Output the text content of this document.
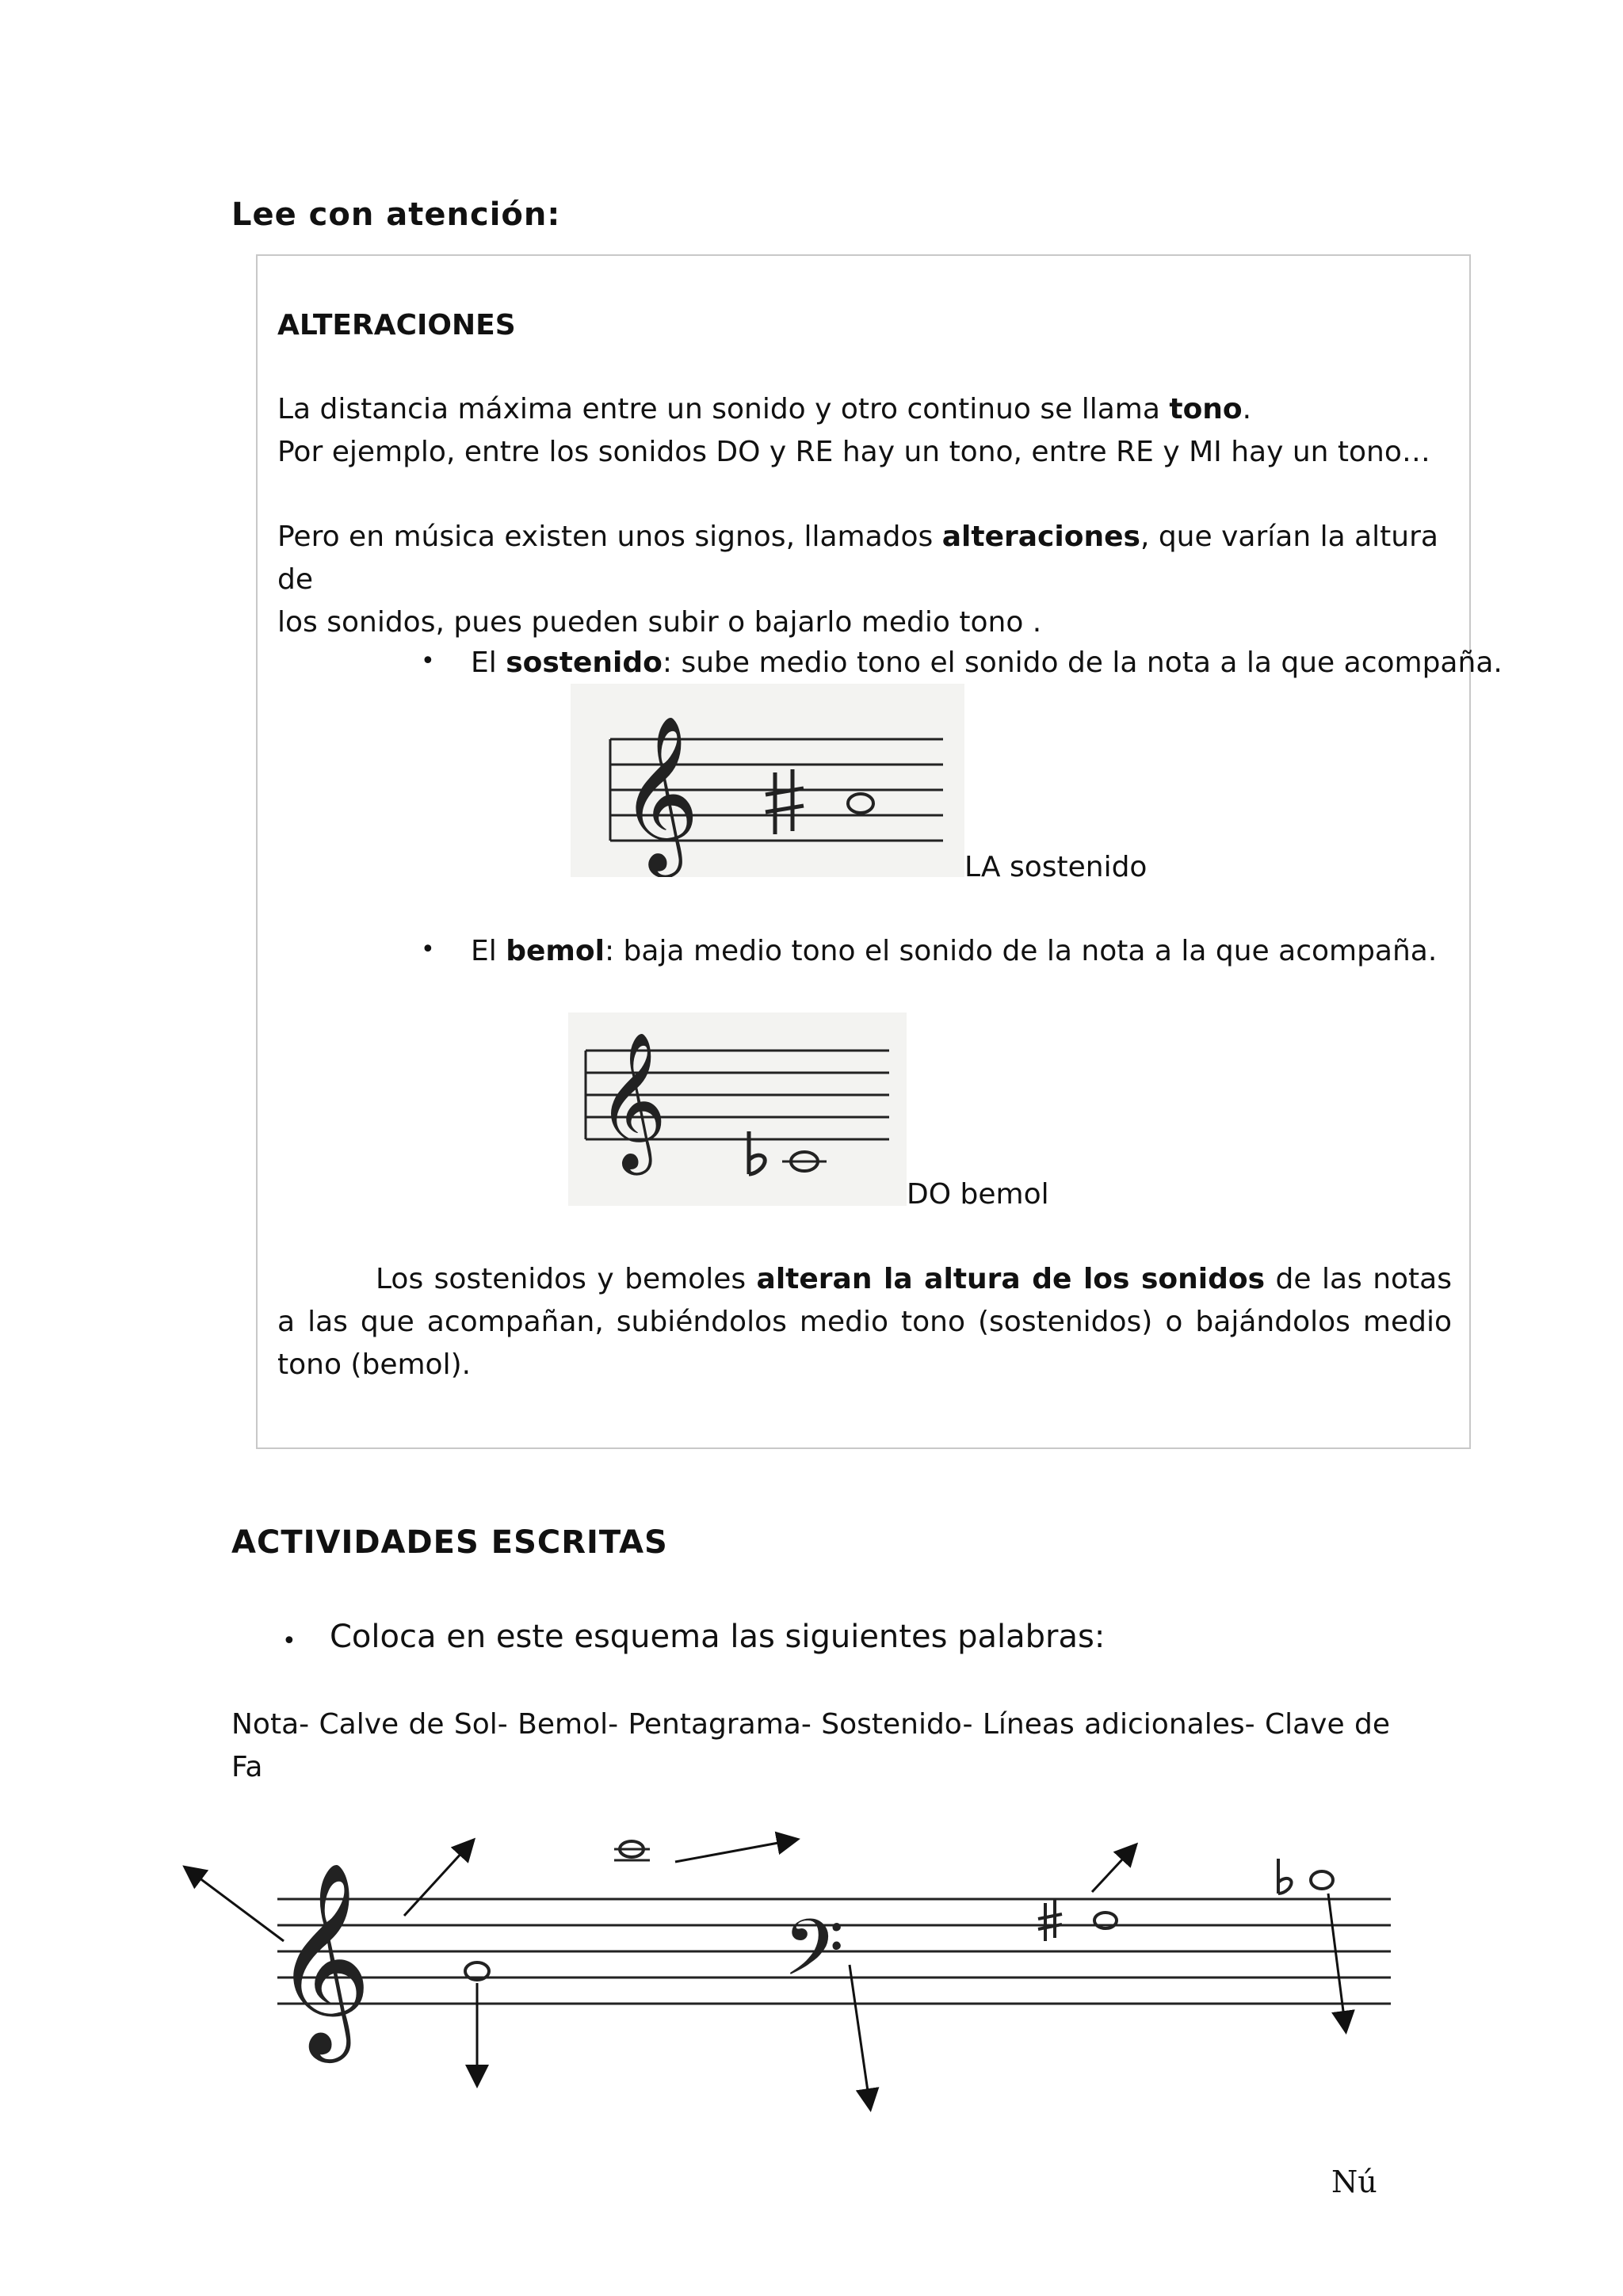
Lee con atención:
ALTERACIONES
La distancia máxima entre un sonido y otro continuo se llama tono.
Por ejemplo, entre los sonidos DO y RE hay un tono, entre RE y MI hay un tono…
Pero en música existen unos signos, llamados alteraciones, que varían la altura de
los sonidos, pues pueden subir o bajarlo medio tono .
• El sostenido: sube medio tono el sonido de la nota a la que acompaña.
𝄞	LA sostenido
• El bemol: baja medio tono el sonido de la nota a la que acompaña.
𝄞
DO bemol
Los sostenidos y bemoles alteran la altura de los sonidos de las notas a las que acompañan, subiéndolos medio tono (sostenidos) o bajándolos medio tono (bemol).
ACTIVIDADES ESCRITAS
• Coloca en este esquema las siguientes palabras:
Nota- Calve de Sol- Bemol- Pentagrama- Sostenido- Líneas adicionales- Clave de Fa
𝄞	𝄢
Nú
